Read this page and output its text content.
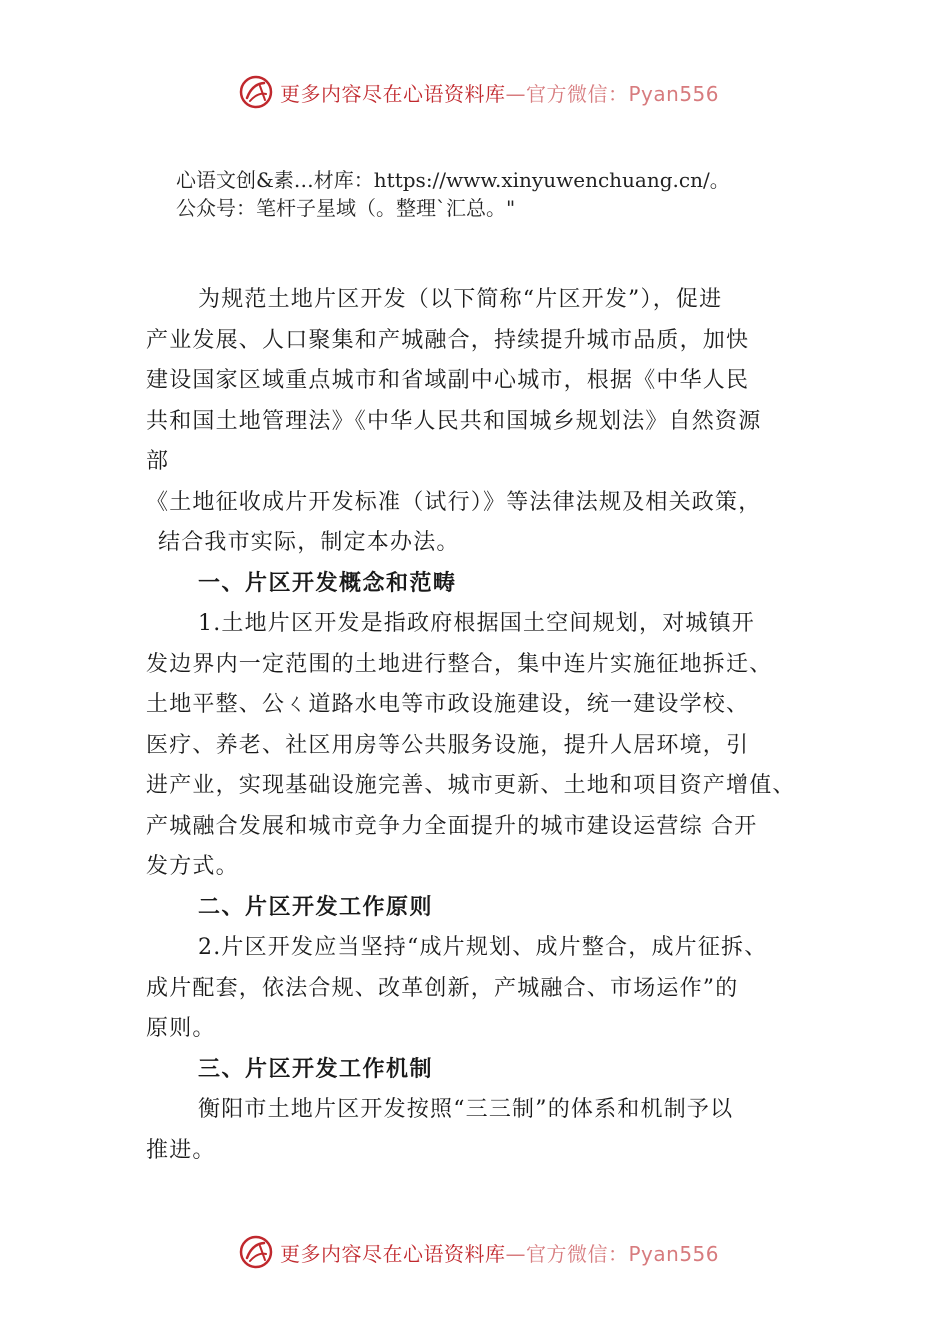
更多内容尽在心语资料库—官方微信：Pyan556
心语文创&素…材库：https://www.xinyuwenchuang.cn/。
公众号：笔杆子星域（。整理`汇总。"
为规范土地片区开发（以下简称“片区开发”），促进
产业发展、人口聚集和产城融合，持续提升城市品质，加快
建设国家区域重点城市和省域副中心城市，根据《中华人民
共和国土地管理法》《中华人民共和国城乡规划法》自然资源
部
《土地征收成片开发标准（试行）》等法律法规及相关政策，
结合我市实际，制定本办法。
一、片区开发概念和范畴
1.土地片区开发是指政府根据国土空间规划，对城镇开
发边界内一定范围的土地进行整合，集中连片实施征地拆迁、
土地平整、公ㄑ道路水电等市政设施建设，统一建设学校、
医疗、养老、社区用房等公共服务设施，提升人居环境，引
进产业，实现基础设施完善、城市更新、土地和项目资产增值、
产城融合发展和城市竞争力全面提升的城市建设运营综 合开
发方式。
二、片区开发工作原则
2.片区开发应当坚持“成片规划、成片整合，成片征拆、
成片配套，依法合规、改革创新，产城融合、市场运作”的
原则。
三、片区开发工作机制
衡阳市土地片区开发按照“三三制”的体系和机制予以
推进。
更多内容尽在心语资料库—官方微信：Pyan556
